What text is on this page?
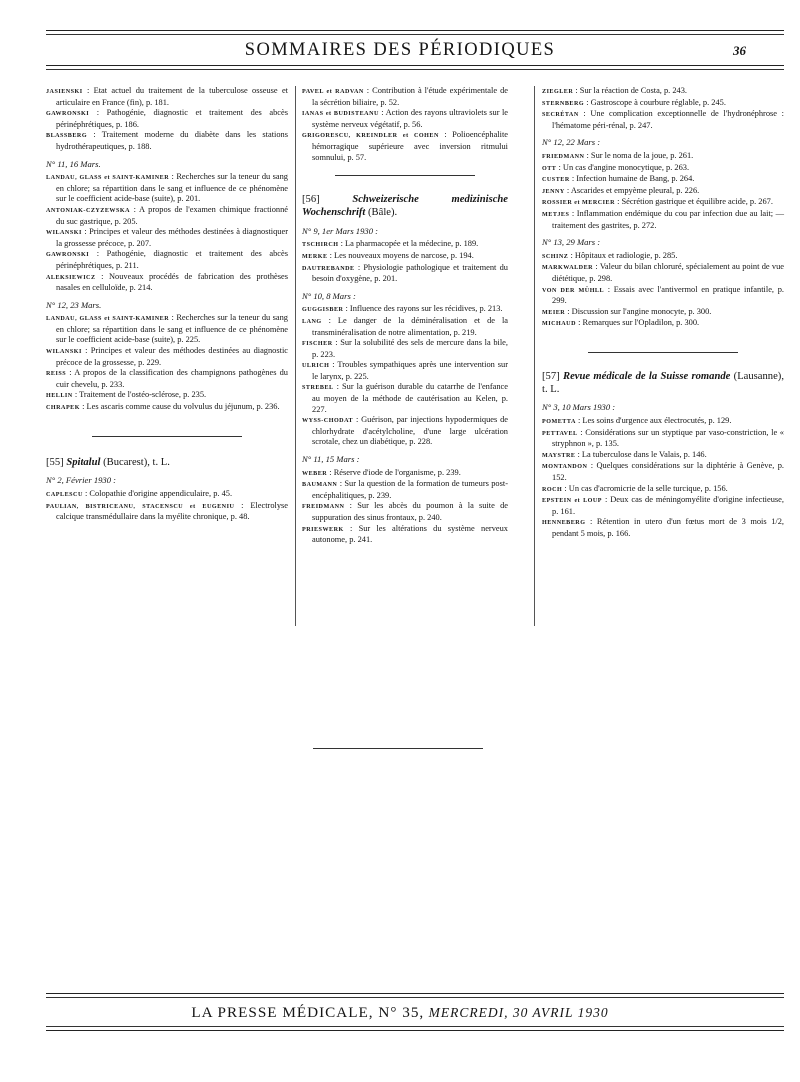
SOMMAIRES DES PÉRIODIQUES	36

JASIENSKI : Etat actuel du traitement de la tuberculose osseuse et articulaire en France (fin), p. 181.

GAWRONSKI : Pathogénie, diagnostic et traitement des abcès périnéphrétiques, p. 186.

BLASSBERG : Traitement moderne du diabète dans les stations hydrothérapeutiques, p. 188.

N° 11, 16 Mars.

LANDAU, GLASS et SAINT-KAMINER : Recherches sur la teneur du sang en chlore; sa répartition dans le sang et influence de ce phénomène sur le coefficient acide-base (suite), p. 201.

ANTONIAK-CZYZEWSKA : A propos de l'examen chimique fractionné du suc gastrique, p. 205.

WILANSKI : Principes et valeur des méthodes destinées à diagnostiquer la grossesse précoce, p. 207.

GAWRONSKI : Pathogénie, diagnostic et traitement des abcès périnéphrétiques, p. 211.

ALEKSIEWICZ : Nouveaux procédés de fabrication des prothèses nasales en celluloïde, p. 214.

N° 12, 23 Mars.

LANDAU, GLASS et SAINT-KAMINER : Recherches sur la teneur du sang en chlore; sa répartition dans le sang et influence de ce phénomène sur le coefficient acide-base (suite), p. 225.

WILANSKI : Principes et valeur des méthodes destinées au diagnostic précoce de la grossesse, p. 229.

REISS : A propos de la classification des champignons pathogènes du cuir chevelu, p. 233.

HELLIN : Traitement de l'ostéo-sclérose, p. 235.

CHRAPEK : Les ascaris comme cause du volvulus du jéjunum, p. 236.

[55] Spitalul (Bucarest), t. L.

N° 2, Février 1930 :

CAPLESCU : Colopathie d'origine appendiculaire, p. 45.

PAULIAN, BISTRICEANU, STACENSCU et EUGENIU : Electrolyse calcique transmédullaire dans la myélite chronique, p. 48.

PAVEL et RADVAN : Contribution à l'étude expérimentale de la sécrétion biliaire, p. 52.

IANAS et BUDISTEANU : Action des rayons ultraviolets sur le système nerveux végétatif, p. 56.

GRIGORESCU, KREINDLER et COHEN : Polioencéphalite hémorragique supérieure avec inversion ritmului somnului, p. 57.

[56]	Schweizerische medizinische Wochenschrift (Bâle).

N° 9, 1er Mars 1930 :

TSCHIRCH : La pharmacopée et la médecine, p. 189.

MERKE : Les nouveaux moyens de narcose, p. 194.

DAUTREBANDE : Physiologie pathologique et traitement du besoin d'oxygène, p. 201.

N° 10, 8 Mars :

GUGGISBER : Influence des rayons sur les récidives, p. 213.

LANG : Le danger de la déminéralisation et de la transminéralisation de notre alimentation, p. 219.

FISCHER : Sur la solubilité des sels de mercure dans la bile, p. 223.

ULRICH : Troubles sympathiques après une intervention sur le larynx, p. 225.

STREBEL : Sur la guérison durable du catarrhe de l'enfance au moyen de la méthode de cautérisation au Kelen, p. 227.

WYSS-CHODAT : Guérison, par injections hypodermiques de chlorhydrate d'acétylcholine, d'une large ulcération scrotale, chez un diabétique, p. 228.

N° 11, 15 Mars :

WEBER : Réserve d'iode de l'organisme, p. 239.

BAUMANN : Sur la question de la formation de tumeurs post-encéphalitiques, p. 239.

FREIDMANN : Sur les abcès du poumon à la suite de suppuration des sinus frontaux, p. 240.

PRIESWERK : Sur les altérations du système nerveux autonome, p. 241.

ZIEGLER : Sur la réaction de Costa, p. 243.

STERNBERG : Gastroscope à courbure réglable, p. 245.

SECRÉTAN : Une complication exceptionnelle de l'hydronéphrose : l'hématome péri-rénal, p. 247.

N° 12, 22 Mars :

FRIEDMANN : Sur le noma de la joue, p. 261.

OTT : Un cas d'angine monocytique, p. 263.

CUSTER : Infection humaine de Bang, p. 264.

JENNY : Ascarides et empyème pleural, p. 226.

ROSSIER et MERCIER : Sécrétion gastrique et équilibre acide, p. 267.

METJES : Inflammation endémique du cou par infection due au lait; — traitement des gastrites, p. 272.

N° 13, 29 Mars :

SCHINZ : Hôpitaux et radiologie, p. 285.

MARKWALDER : Valeur du bilan chloruré, spécialement au point de vue diététique, p. 298.

VON DER MÜHLL : Essais avec l'antivermol en pratique infantile, p. 299.

MEIER : Discussion sur l'angine monocyte, p. 300.

MICHAUD : Remarques sur l'Opladilon, p. 300.

[57] Revue médicale de la Suisse romande (Lausanne), t. L.

N° 3, 10 Mars 1930 :

POMETTA : Les soins d'urgence aux électrocutés, p. 129.

PETTAVEL : Considérations sur un styptique par vaso-constriction, le « stryphnon », p. 135.

MAYSTRE : La tuberculose dans le Valais, p. 146.

MONTANDON : Quelques considérations sur la diphtérie à Genève, p. 152.

ROCH : Un cas d'acromicrie de la selle turcique, p. 156.

EPSTEIN et LOUP : Deux cas de méningomyélite d'origine infectieuse, p. 161.

HENNEBERG : Rétention in utero d'un fœtus mort de 3 mois 1/2, pendant 5 mois, p. 166.

LA PRESSE MÉDICALE, N° 35, MERCREDI, 30 AVRIL 1930
